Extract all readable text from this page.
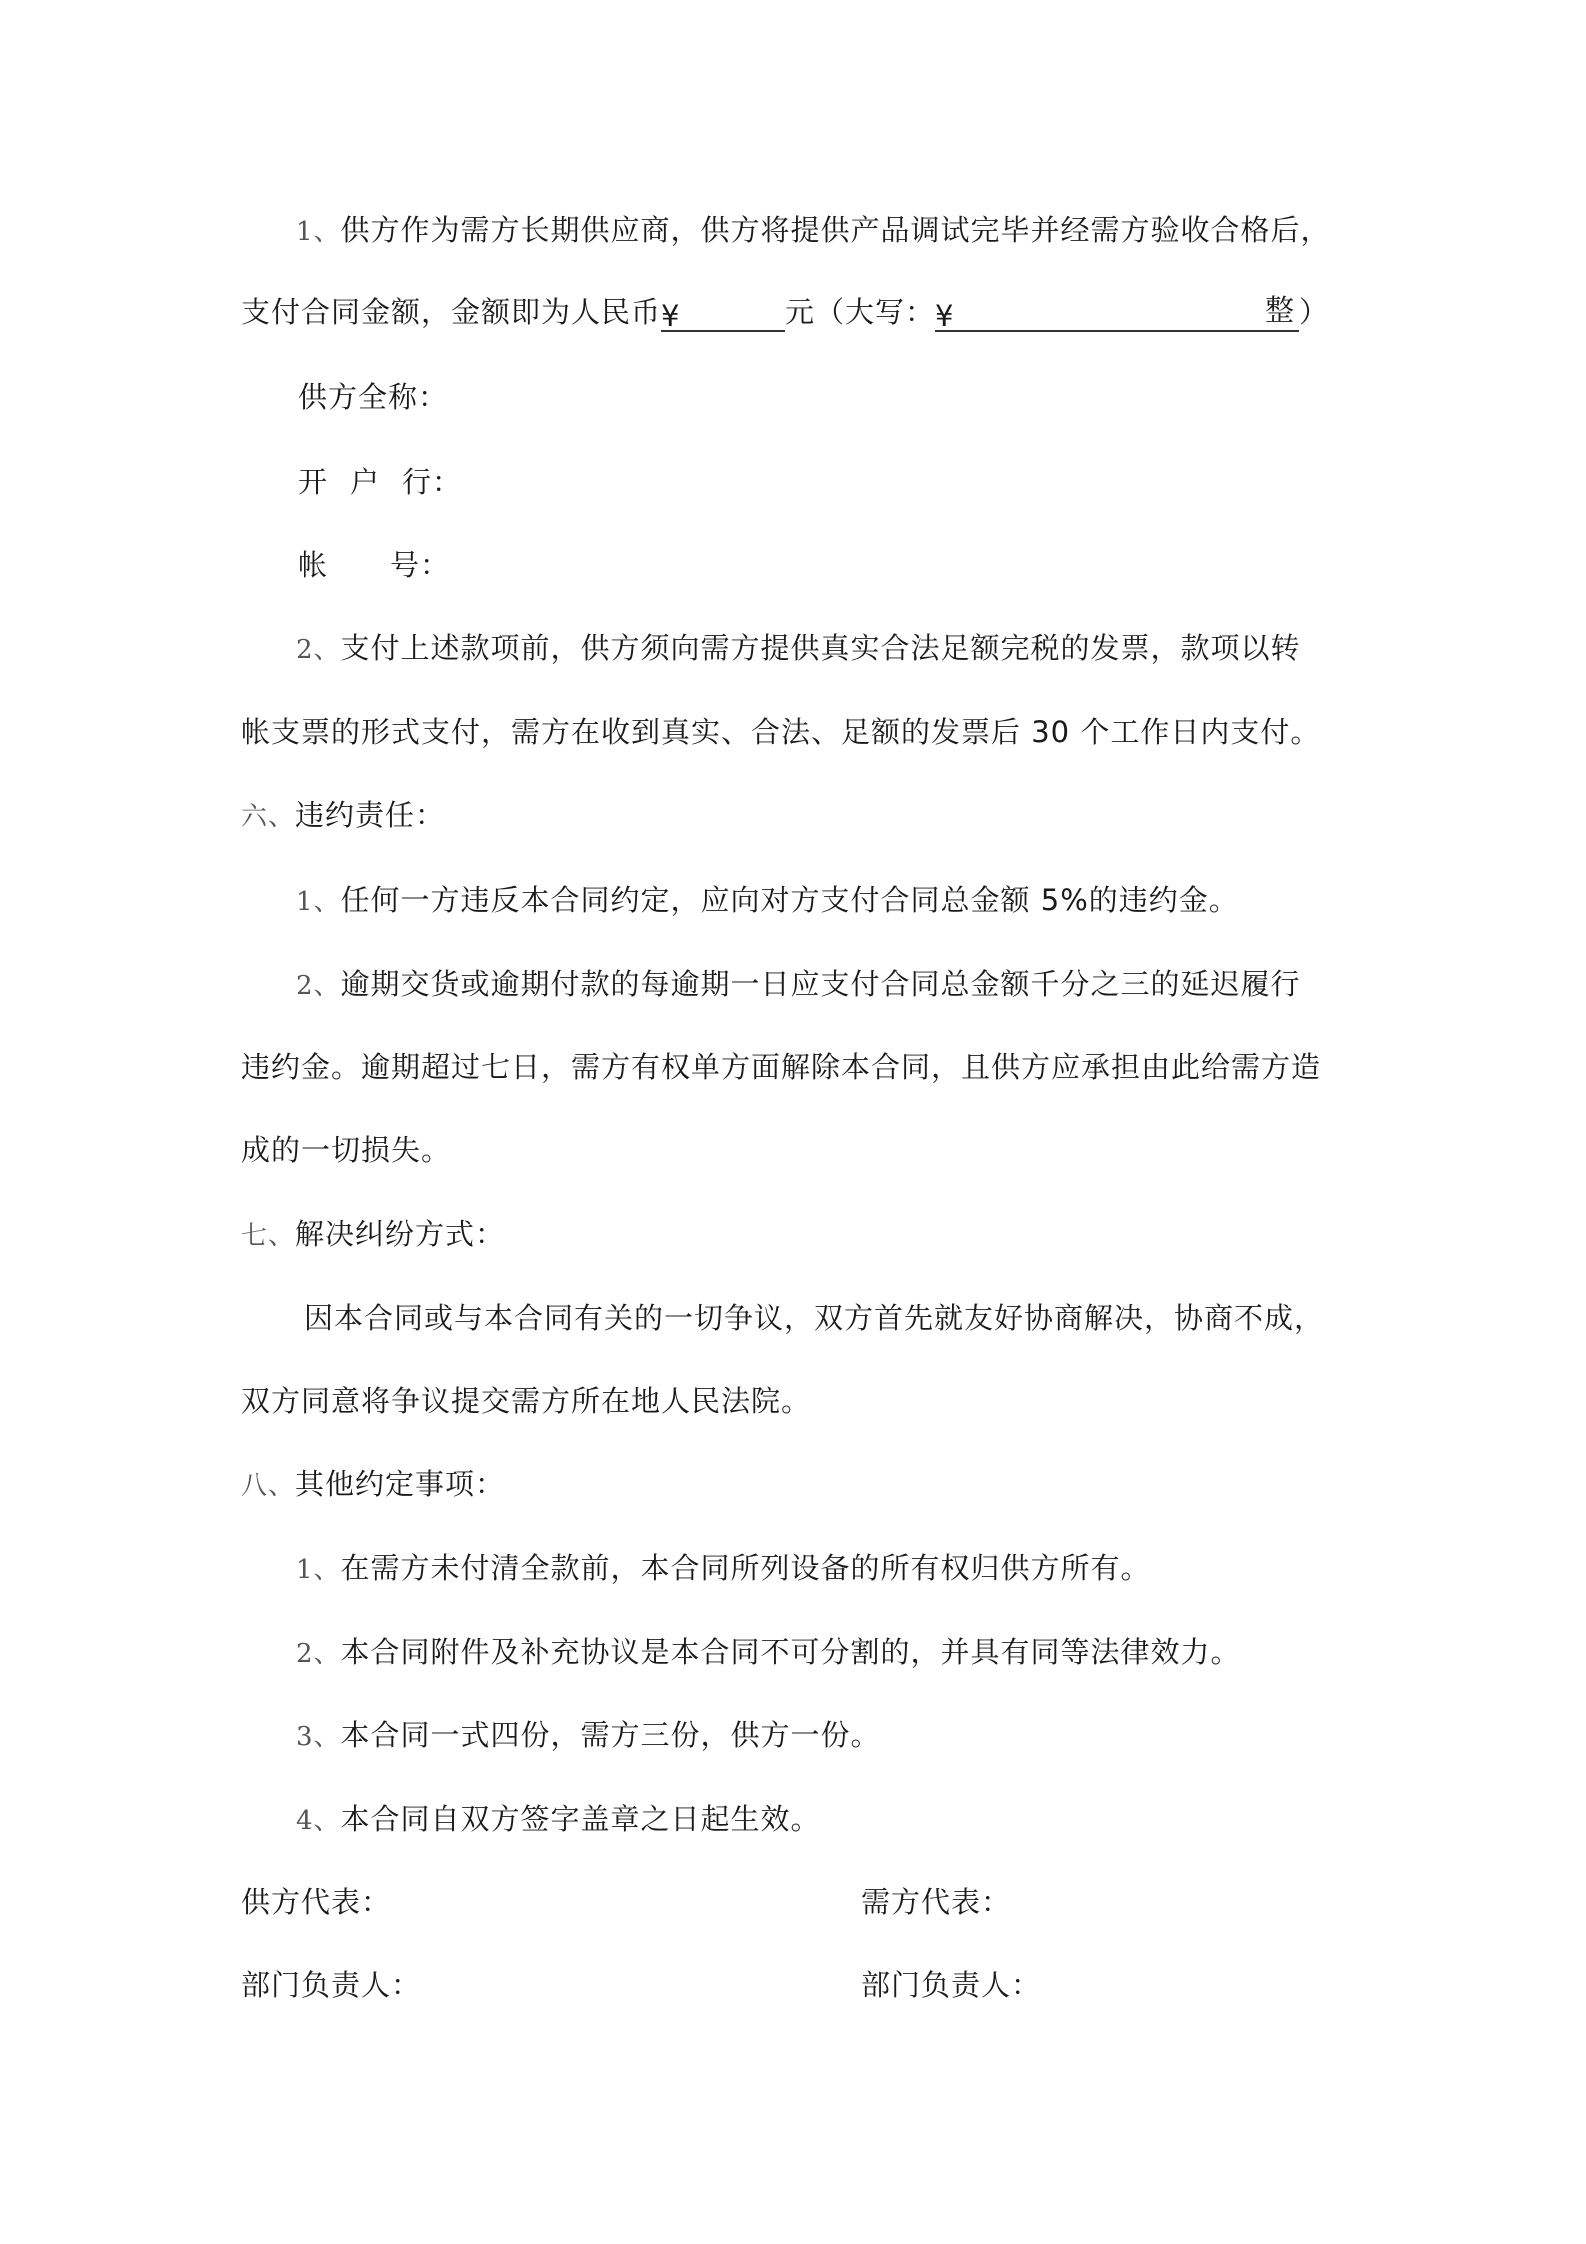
1、供方作为需方长期供应商，供方将提供产品调试完毕并经需方验收合格后，
支付合同金额，金额即为人民币¥	元（大写：¥	整 ）
供方全称：
开 户 行：
帐 号：
2、支付上述款项前，供方须向需方提供真实合法足额完税的发票，款项以转
帐支票的形式支付，需方在收到真实、合法、足额的发票后 30 个工作日内支付。
六、违约责任：
1、任何一方违反本合同约定，应向对方支付合同总金额 5%的违约金。
2、逾期交货或逾期付款的每逾期一日应支付合同总金额千分之三的延迟履行
违约金。逾期超过七日，需方有权单方面解除本合同，且供方应承担由此给需方造
成的一切损失。
七、解决纠纷方式：
因本合同或与本合同有关的一切争议，双方首先就友好协商解决，协商不成，
双方同意将争议提交需方所在地人民法院。
八、其他约定事项：
1、在需方未付清全款前，本合同所列设备的所有权归供方所有。
2、本合同附件及补充协议是本合同不可分割的，并具有同等法律效力。
3、本合同一式四份，需方三份，供方一份。
4、本合同自双方签字盖章之日起生效。
供方代表：	需方代表：
部门负责人：	部门负责人：
